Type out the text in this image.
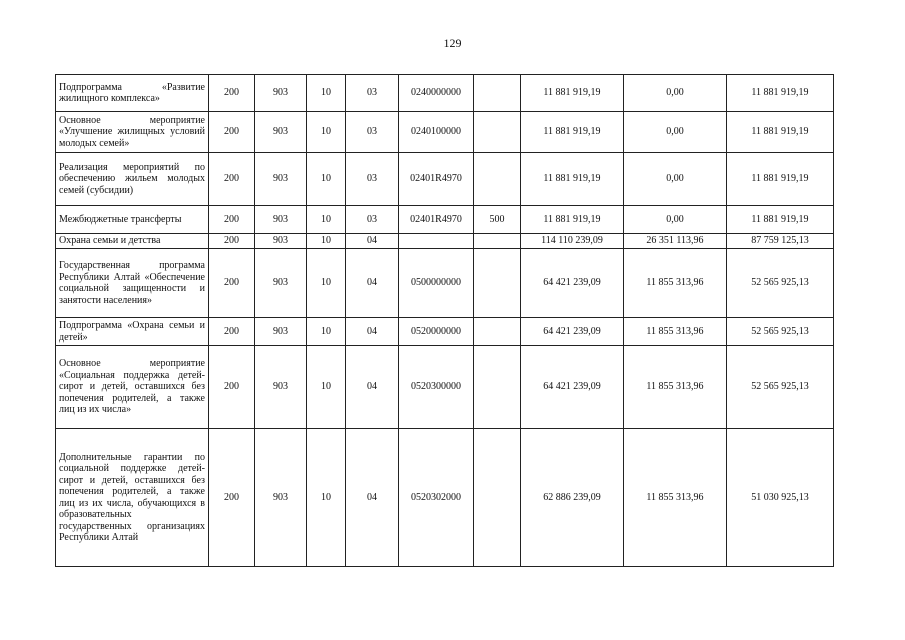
129
Подпрограмма «Развитие жилищного комплекса»	200	903	10	03	0240000000		11 881 919,19	0,00	11 881 919,19
Основное мероприятие «Улучшение жилищных условий молодых семей»	200	903	10	03	0240100000		11 881 919,19	0,00	11 881 919,19
Реализация мероприятий по обеспечению жильем молодых семей (субсидии)	200	903	10	03	02401R4970		11 881 919,19	0,00	11 881 919,19
Межбюджетные трансферты	200	903	10	03	02401R4970	500	11 881 919,19	0,00	11 881 919,19
Охрана семьи и детства	200	903	10	04			114 110 239,09	26 351 113,96	87 759 125,13
Государственная программа Республики Алтай «Обеспечение социальной защищенности и занятости населения»	200	903	10	04	0500000000		64 421 239,09	11 855 313,96	52 565 925,13
Подпрограмма «Охрана семьи и детей»	200	903	10	04	0520000000		64 421 239,09	11 855 313,96	52 565 925,13
Основное мероприятие «Социальная поддержка детей-сирот и детей, оставшихся без попечения родителей, а также лиц из их числа»	200	903	10	04	0520300000		64 421 239,09	11 855 313,96	52 565 925,13
Дополнительные гарантии по социальной поддержке детей-сирот и детей, оставшихся без попечения родителей, а также лиц из их числа, обучающихся в образовательных государственных организациях Республики Алтай	200	903	10	04	0520302000		62 886 239,09	11 855 313,96	51 030 925,13
